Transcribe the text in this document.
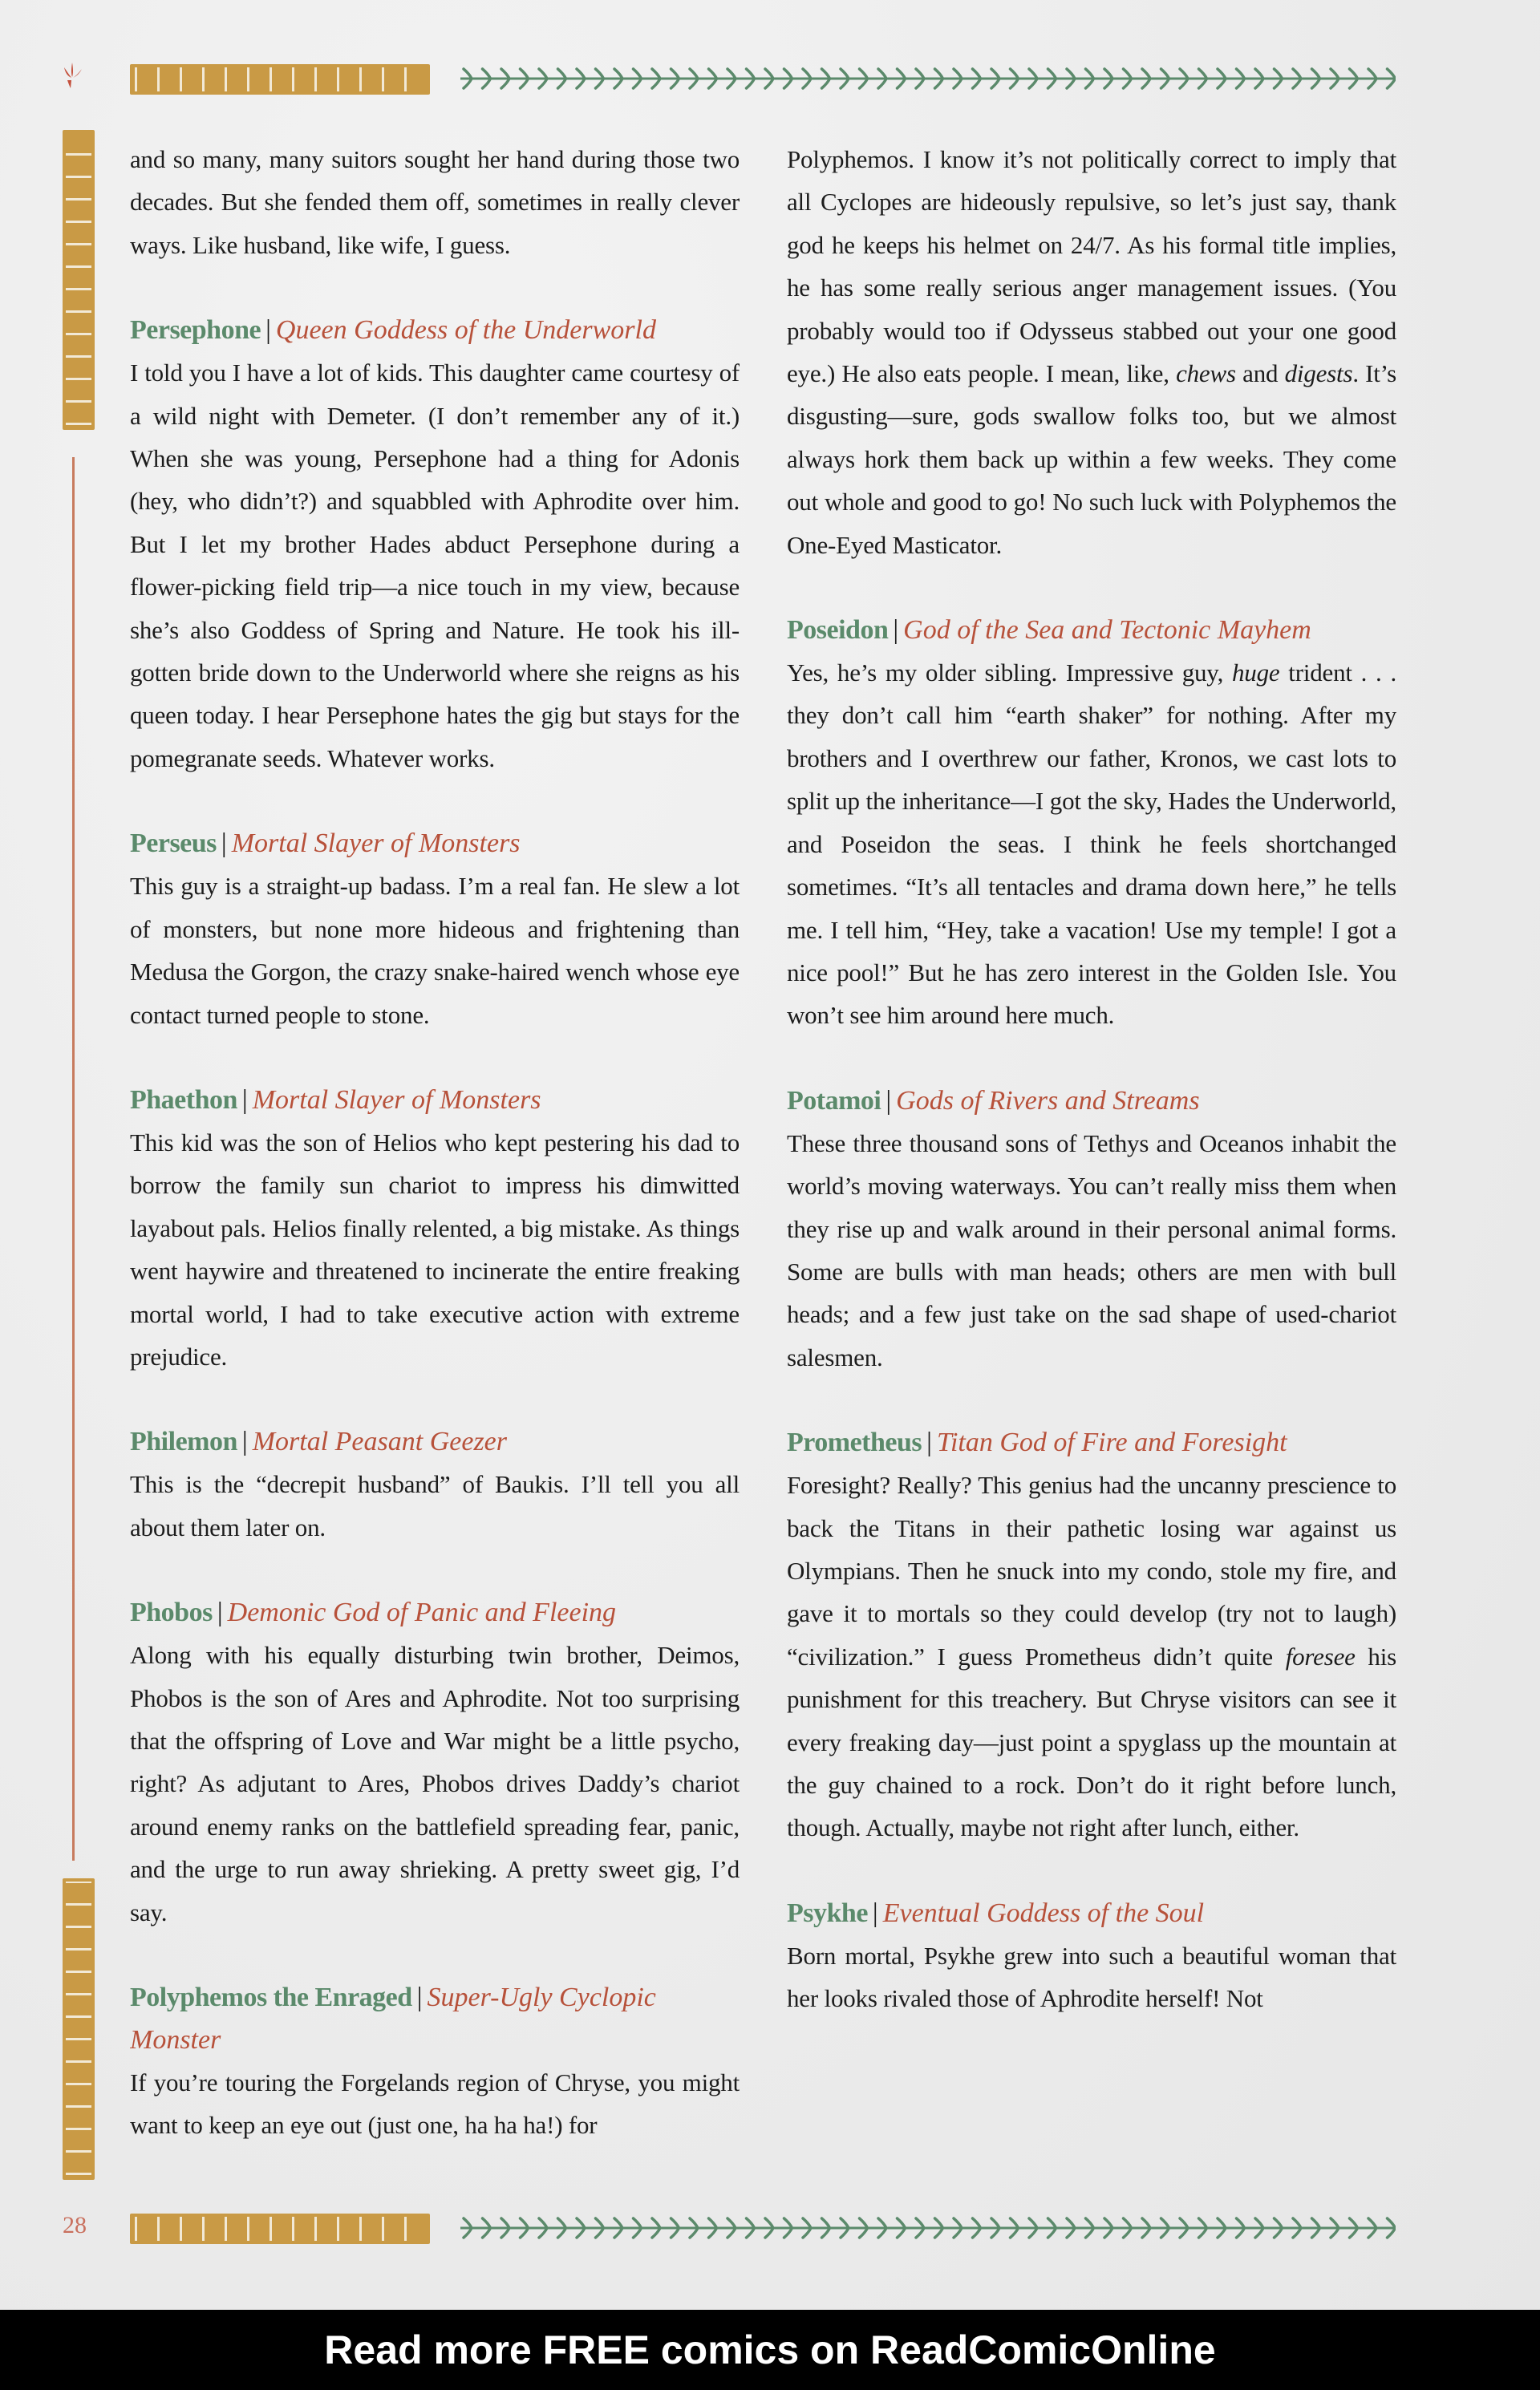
and so many, many suitors sought her hand during those two decades. But she fended them off, sometimes in really clever ways. Like husband, like wife, I guess.

Persephone | Queen Goddess of the Underworld

I told you I have a lot of kids. This daughter came courtesy of a wild night with Demeter. (I don’t remember any of it.) When she was young, Persephone had a thing for Adonis (hey, who didn’t?) and squabbled with Aphrodite over him. But I let my brother Hades abduct Persephone during a flower-picking field trip—a nice touch in my view, because she’s also Goddess of Spring and Nature. He took his ill-gotten bride down to the Underworld where she reigns as his queen today. I hear Persephone hates the gig but stays for the pomegranate seeds. Whatever works.

Perseus | Mortal Slayer of Monsters

This guy is a straight-up badass. I’m a real fan. He slew a lot of monsters, but none more hideous and frightening than Medusa the Gorgon, the crazy snake-haired wench whose eye contact turned people to stone.

Phaethon | Mortal Slayer of Monsters

This kid was the son of Helios who kept pestering his dad to borrow the family sun chariot to impress his dimwitted layabout pals. Helios finally relented, a big mistake. As things went haywire and threatened to incinerate the entire freaking mortal world, I had to take executive action with extreme prejudice.

Philemon | Mortal Peasant Geezer

This is the “decrepit husband” of Baukis. I’ll tell you all about them later on.

Phobos | Demonic God of Panic and Fleeing

Along with his equally disturbing twin brother, Deimos, Phobos is the son of Ares and Aphrodite. Not too surprising that the offspring of Love and War might be a little psycho, right? As adjutant to Ares, Phobos drives Daddy’s chariot around enemy ranks on the battlefield spreading fear, panic, and the urge to run away shrieking. A pretty sweet gig, I’d say.

Polyphemos the Enraged | Super-Ugly Cyclopic Monster

If you’re touring the Forgelands region of Chryse, you might want to keep an eye out (just one, ha ha ha!) for

Polyphemos. I know it’s not politically correct to imply that all Cyclopes are hideously repulsive, so let’s just say, thank god he keeps his helmet on 24/7. As his formal title implies, he has some really serious anger management issues. (You probably would too if Odysseus stabbed out your one good eye.) He also eats people. I mean, like, chews and digests. It’s disgusting—sure, gods swallow folks too, but we almost always hork them back up within a few weeks. They come out whole and good to go! No such luck with Polyphemos the One-Eyed Masticator.

Poseidon | God of the Sea and Tectonic Mayhem

Yes, he’s my older sibling. Impressive guy, huge trident . . . they don’t call him “earth shaker” for nothing. After my brothers and I overthrew our father, Kronos, we cast lots to split up the inheritance—I got the sky, Hades the Underworld, and Poseidon the seas. I think he feels shortchanged sometimes. “It’s all tentacles and drama down here,” he tells me. I tell him, “Hey, take a vacation! Use my temple! I got a nice pool!” But he has zero interest in the Golden Isle. You won’t see him around here much.

Potamoi | Gods of Rivers and Streams

These three thousand sons of Tethys and Oceanos inhabit the world’s moving waterways. You can’t really miss them when they rise up and walk around in their personal animal forms. Some are bulls with man heads; others are men with bull heads; and a few just take on the sad shape of used-chariot salesmen.

Prometheus | Titan God of Fire and Foresight

Foresight? Really? This genius had the uncanny prescience to back the Titans in their pathetic losing war against us Olympians. Then he snuck into my condo, stole my fire, and gave it to mortals so they could develop (try not to laugh) “civilization.” I guess Prometheus didn’t quite foresee his punishment for this treachery. But Chryse visitors can see it every freaking day—just point a spyglass up the mountain at the guy chained to a rock. Don’t do it right before lunch, though. Actually, maybe not right after lunch, either.

Psykhe | Eventual Goddess of the Soul

Born mortal, Psykhe grew into such a beautiful woman that her looks rivaled those of Aphrodite herself! Not

28
Read more FREE comics on ReadComicOnline
